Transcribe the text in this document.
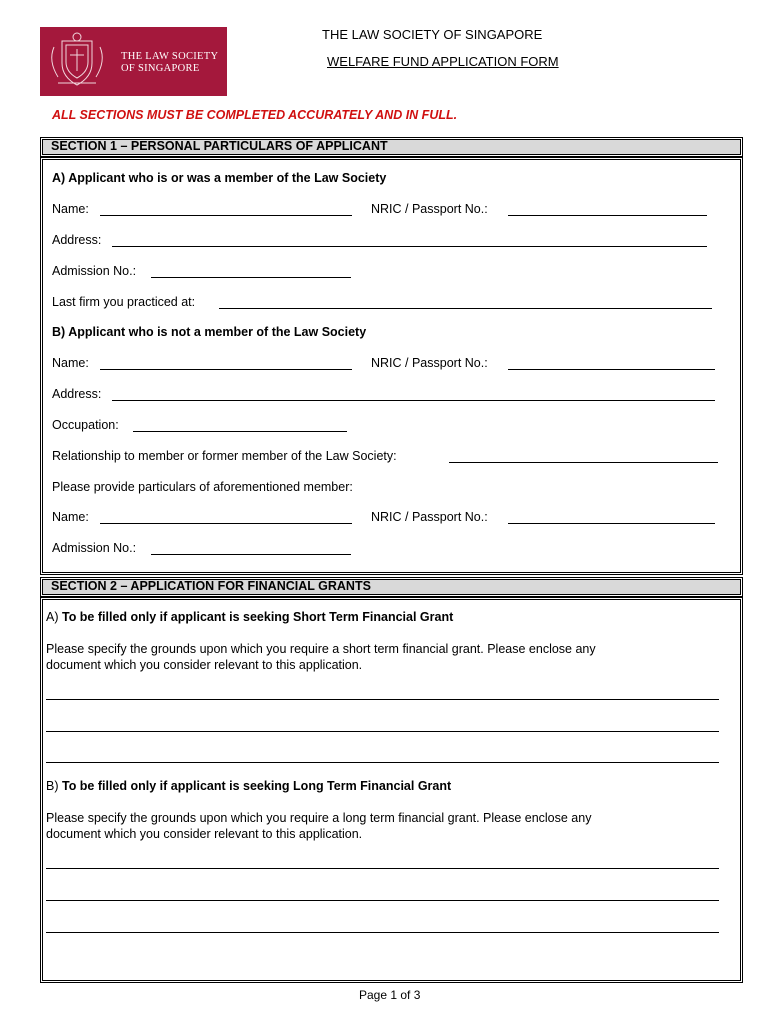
THE LAW SOCIETY
OF SINGAPORE
THE LAW SOCIETY OF SINGAPORE
WELFARE FUND APPLICATION FORM
ALL SECTIONS MUST BE COMPLETED ACCURATELY AND IN FULL.
SECTION 1 – PERSONAL PARTICULARS OF APPLICANT
A) Applicant who is or was a member of the Law Society
Name:	NRIC / Passport No.:
Address:
Admission No.:
Last firm you practiced at:
B) Applicant who is not a member of the Law Society
Name:	NRIC / Passport No.:
Address:
Occupation:
Relationship to member or former member of the Law Society:
Please provide particulars of aforementioned member:
Name:	NRIC / Passport No.:
Admission No.:
SECTION 2 – APPLICATION FOR FINANCIAL GRANTS
A) To be filled only if applicant is seeking Short Term Financial Grant
Please specify the grounds upon which you require a short term financial grant. Please enclose any
document which you consider relevant to this application.
B) To be filled only if applicant is seeking Long Term Financial Grant
Please specify the grounds upon which you require a long term financial grant. Please enclose any
document which you consider relevant to this application.
Page 1 of 3
